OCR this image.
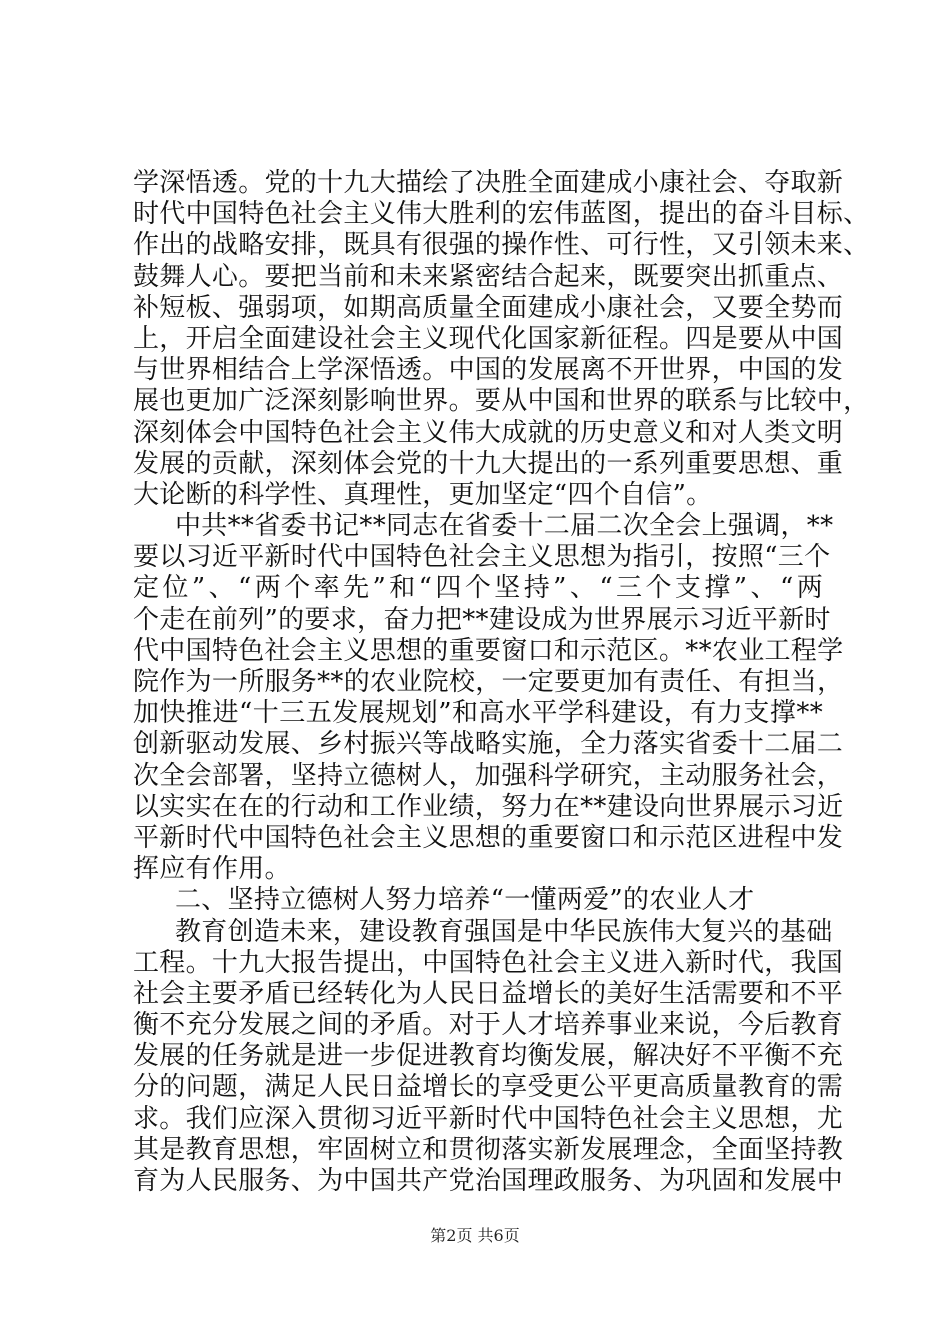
学深悟透。党的十九大描绘了决胜全面建成小康社会、夺取新
时代中国特色社会主义伟大胜利的宏伟蓝图，提出的奋斗目标、
作出的战略安排，既具有很强的操作性、可行性，又引领未来、
鼓舞人心。要把当前和未来紧密结合起来，既要突出抓重点、
补短板、强弱项，如期高质量全面建成小康社会，又要全势而
上，开启全面建设社会主义现代化国家新征程。四是要从中国
与世界相结合上学深悟透。中国的发展离不开世界，中国的发
展也更加广泛深刻影响世界。要从中国和世界的联系与比较中，
深刻体会中国特色社会主义伟大成就的历史意义和对人类文明
发展的贡献，深刻体会党的十九大提出的一系列重要思想、重
大论断的科学性、真理性，更加坚定“四个自信”。
中共**省委书记**同志在省委十二届二次全会上强调，**
要以习近平新时代中国特色社会主义思想为指引，按照“三个
定位”、“两个率先”和“四个坚持”、“三个支撑”、“两
个走在前列”的要求，奋力把**建设成为世界展示习近平新时
代中国特色社会主义思想的重要窗口和示范区。**农业工程学
院作为一所服务**的农业院校，一定要更加有责任、有担当，
加快推进“十三五发展规划”和高水平学科建设，有力支撑**
创新驱动发展、乡村振兴等战略实施，全力落实省委十二届二
次全会部署，坚持立德树人，加强科学研究，主动服务社会，
以实实在在的行动和工作业绩，努力在**建设向世界展示习近
平新时代中国特色社会主义思想的重要窗口和示范区进程中发
挥应有作用。
二、坚持立德树人努力培养“一懂两爱”的农业人才
教育创造未来，建设教育强国是中华民族伟大复兴的基础
工程。十九大报告提出，中国特色社会主义进入新时代，我国
社会主要矛盾已经转化为人民日益增长的美好生活需要和不平
衡不充分发展之间的矛盾。对于人才培养事业来说，今后教育
发展的任务就是进一步促进教育均衡发展，解决好不平衡不充
分的问题，满足人民日益增长的享受更公平更高质量教育的需
求。我们应深入贯彻习近平新时代中国特色社会主义思想，尤
其是教育思想，牢固树立和贯彻落实新发展理念，全面坚持教
育为人民服务、为中国共产党治国理政服务、为巩固和发展中
第2页 共6页
